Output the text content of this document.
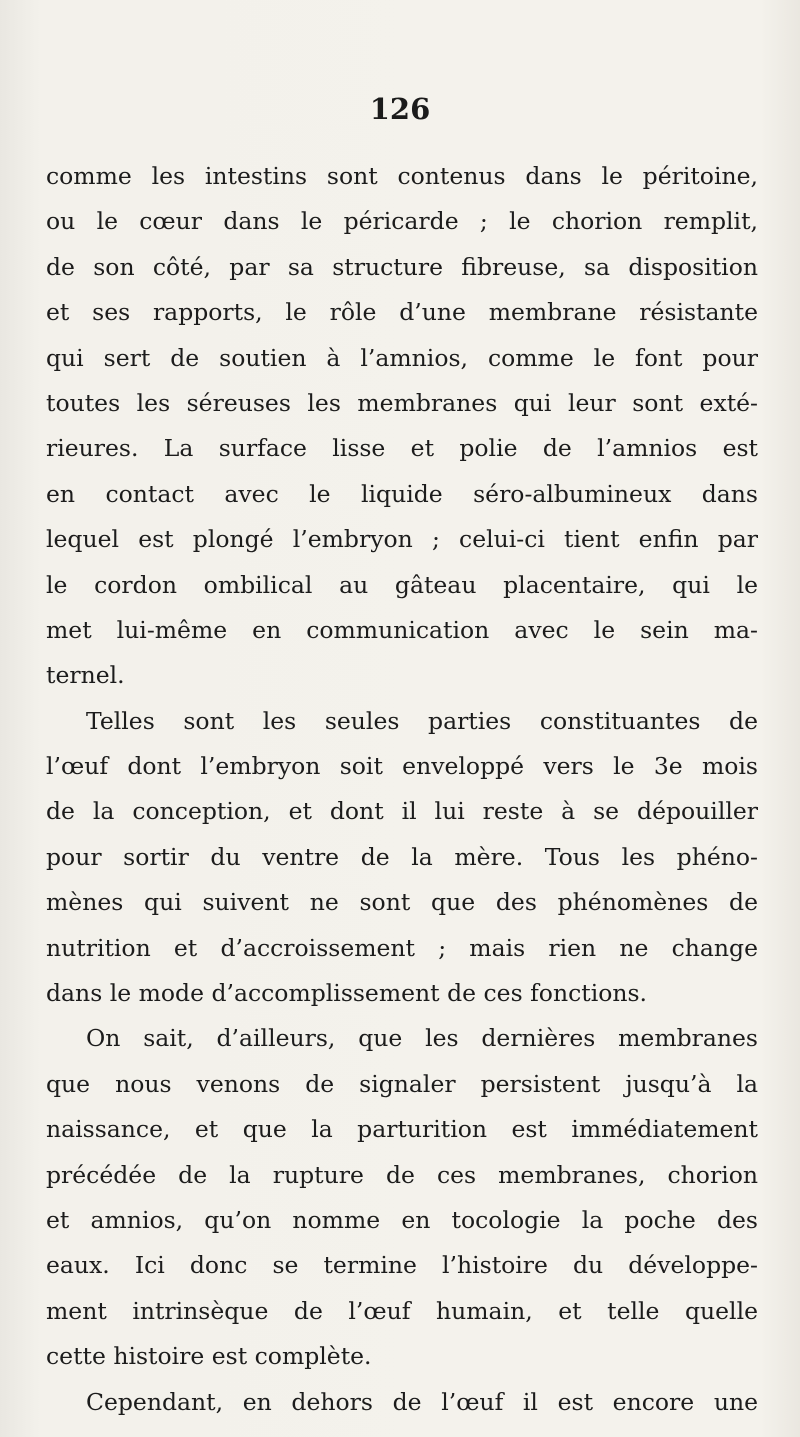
126
comme les intestins sont contenus dans le péritoine,
ou le cœur dans le péricarde ; le chorion remplit,
de son côté, par sa structure fibreuse, sa disposition
et ses rapports, le rôle d’une membrane résistante
qui sert de soutien à l’amnios, comme le font pour
toutes les séreuses les membranes qui leur sont exté-
rieures. La surface lisse et polie de l’amnios est
en contact avec le liquide séro-albumineux dans
lequel est plongé l’embryon ; celui-ci tient enfin par
le cordon ombilical au gâteau placentaire, qui le
met lui-même en communication avec le sein ma-
ternel.
Telles sont les seules parties constituantes de
l’œuf dont l’embryon soit enveloppé vers le 3e mois
de la conception, et dont il lui reste à se dépouiller
pour sortir du ventre de la mère. Tous les phéno-
mènes qui suivent ne sont que des phénomènes de
nutrition et d’accroissement ; mais rien ne change
dans le mode d’accomplissement de ces fonctions.
On sait, d’ailleurs, que les dernières membranes
que nous venons de signaler persistent jusqu’à la
naissance, et que la parturition est immédiatement
précédée de la rupture de ces membranes, chorion
et amnios, qu’on nomme en tocologie la poche des
eaux. Ici donc se termine l’histoire du développe-
ment intrinsèque de l’œuf humain, et telle quelle
cette histoire est complète.
Cependant, en dehors de l’œuf il est encore une
